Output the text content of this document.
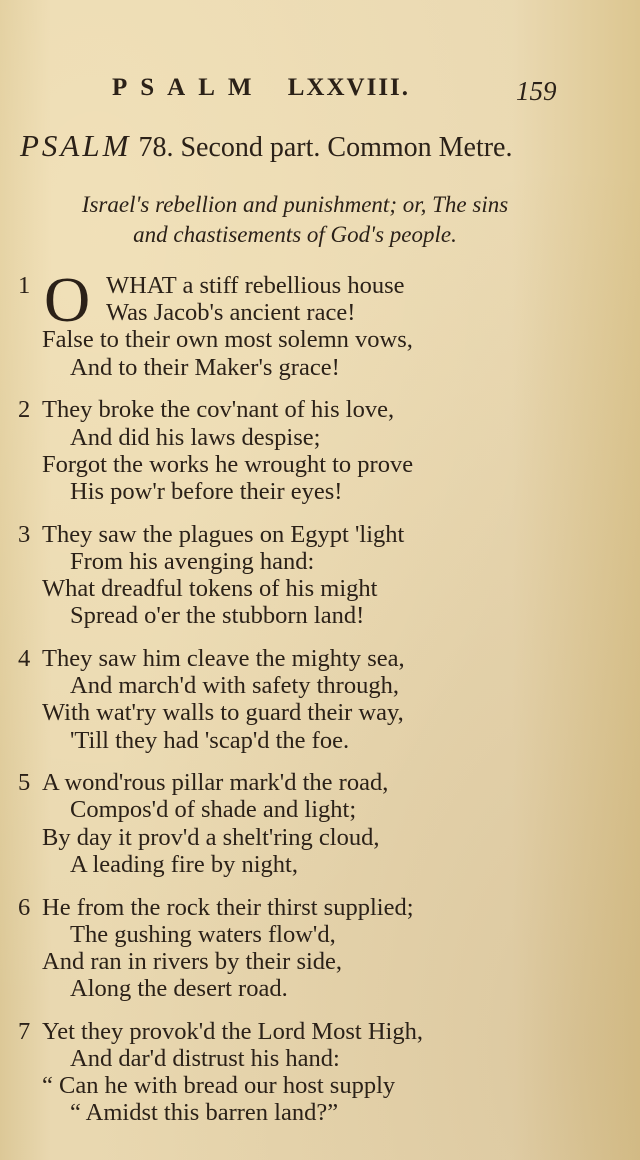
PSALM LXXVIII.	159
PSALM 78. Second part. Common Metre.
Israel's rebellion and punishment; or, The sins
and chastisements of God's people.
1 O WHAT a stiff rebellious house
Was Jacob's ancient race!
False to their own most solemn vows,
And to their Maker's grace!
2 They broke the cov'nant of his love,
And did his laws despise;
Forgot the works he wrought to prove
His pow'r before their eyes!
3 They saw the plagues on Egypt 'light
From his avenging hand:
What dreadful tokens of his might
Spread o'er the stubborn land!
4 They saw him cleave the mighty sea,
And march'd with safety through,
With wat'ry walls to guard their way,
'Till they had 'scap'd the foe.
5 A wond'rous pillar mark'd the road,
Compos'd of shade and light;
By day it prov'd a shelt'ring cloud,
A leading fire by night,
6 He from the rock their thirst supplied;
The gushing waters flow'd,
And ran in rivers by their side,
Along the desert road.
7 Yet they provok'd the Lord Most High,
And dar'd distrust his hand:
“ Can he with bread our host supply
“ Amidst this barren land?”
